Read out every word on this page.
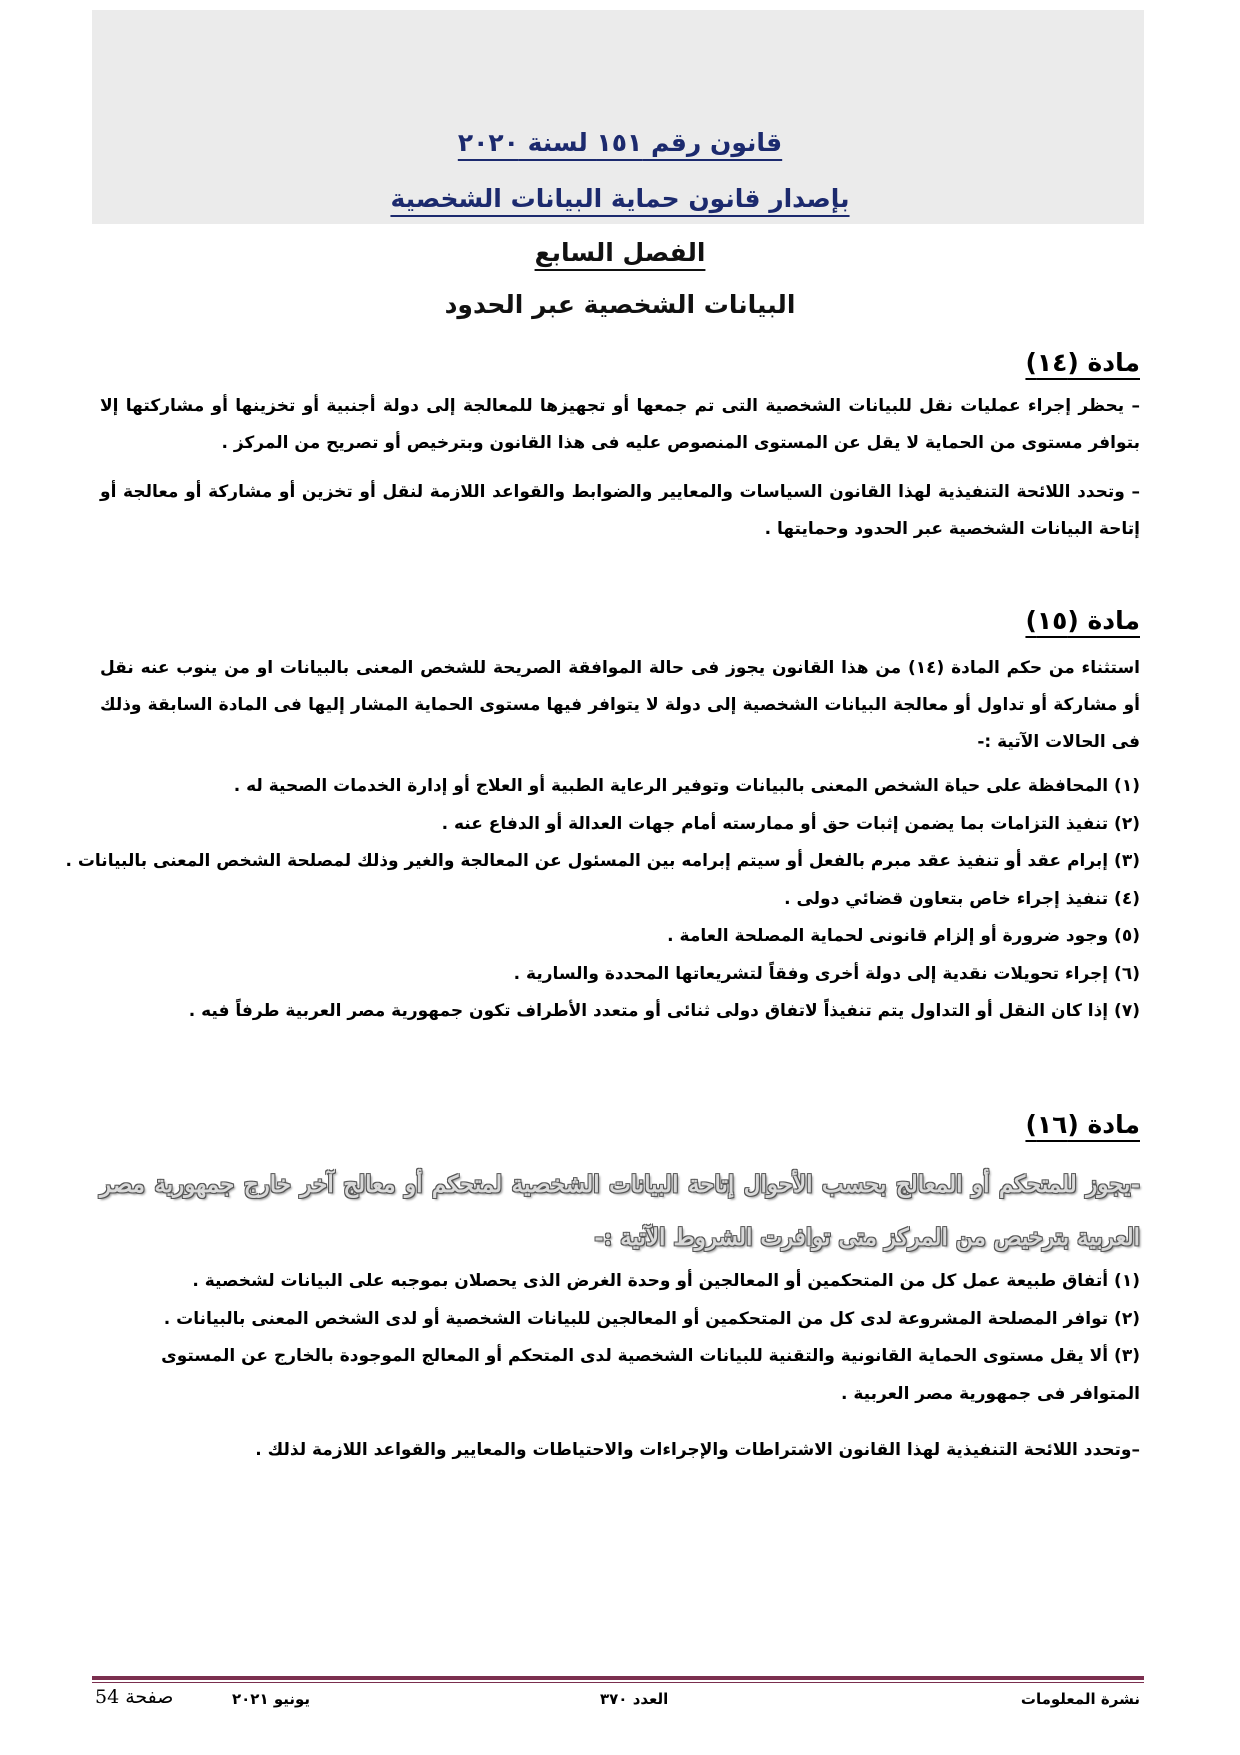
قانون رقم ١٥١ لسنة ٢٠٢٠
بإصدار قانون حماية البيانات الشخصية
الفصل السابع
البيانات الشخصية عبر الحدود
مادة (١٤)
– يحظر إجراء عمليات نقل للبيانات الشخصية التى تم جمعها أو تجهيزها للمعالجة إلى دولة أجنبية أو تخزينها أو مشاركتها إلا بتوافر مستوى من الحماية لا يقل عن المستوى المنصوص عليه فى هذا القانون وبترخيص أو تصريح من المركز .
– وتحدد اللائحة التنفيذية لهذا القانون السياسات والمعايير والضوابط والقواعد اللازمة لنقل أو تخزين أو مشاركة أو معالجة أو إتاحة البيانات الشخصية عبر الحدود وحمايتها .
مادة (١٥)
استثناء من حكم المادة (١٤) من هذا القانون يجوز فى حالة الموافقة الصريحة للشخص المعنى بالبيانات او من ينوب عنه نقل أو مشاركة أو تداول أو معالجة البيانات الشخصية إلى دولة لا يتوافر فيها مستوى الحماية المشار إليها فى المادة السابقة وذلك فى الحالات الآتية :-
(١) المحافظة على حياة الشخص المعنى بالبيانات وتوفير الرعاية الطبية أو العلاج أو إدارة الخدمات الصحية له .
(٢) تنفيذ التزامات بما يضمن إثبات حق أو ممارسته أمام جهات العدالة أو الدفاع عنه .
(٣) إبرام عقد أو تنفيذ عقد مبرم بالفعل أو سيتم إبرامه بين المسئول عن المعالجة والغير وذلك لمصلحة الشخص المعنى بالبيانات .
(٤) تنفيذ إجراء خاص بتعاون قضائي دولى .
(٥) وجود ضرورة أو إلزام قانونى لحماية المصلحة العامة .
(٦) إجراء تحويلات نقدية إلى دولة أخرى وفقاً لتشريعاتها المحددة والسارية .
(٧) إذا كان النقل أو التداول يتم تنفيذاً لاتفاق دولى ثنائى أو متعدد الأطراف تكون جمهورية مصر العربية طرفاً فيه .
مادة (١٦)
-يجوز للمتحكم أو المعالج بحسب الأحوال إتاحة البيانات الشخصية لمتحكم أو معالج آخر خارج جمهورية مصر العربية بترخيص من المركز متى توافرت الشروط الآتية :-
(١) أتفاق طبيعة عمل كل من المتحكمين أو المعالجين أو وحدة الغرض الذى يحصلان بموجبه على البيانات لشخصية .
(٢) توافر المصلحة المشروعة لدى كل من المتحكمين أو المعالجين للبيانات الشخصية أو لدى الشخص المعنى بالبيانات .
(٣) ألا يقل مستوى الحماية القانونية والتقنية للبيانات الشخصية لدى المتحكم أو المعالج الموجودة بالخارج عن المستوى المتوافر فى جمهورية مصر العربية .
–وتحدد اللائحة التنفيذية لهذا القانون الاشتراطات والإجراءات والاحتياطات والمعايير والقواعد اللازمة لذلك .
نشرة المعلومات
العدد ٣٧٠
يونيو ٢٠٢١
صفحة 54
